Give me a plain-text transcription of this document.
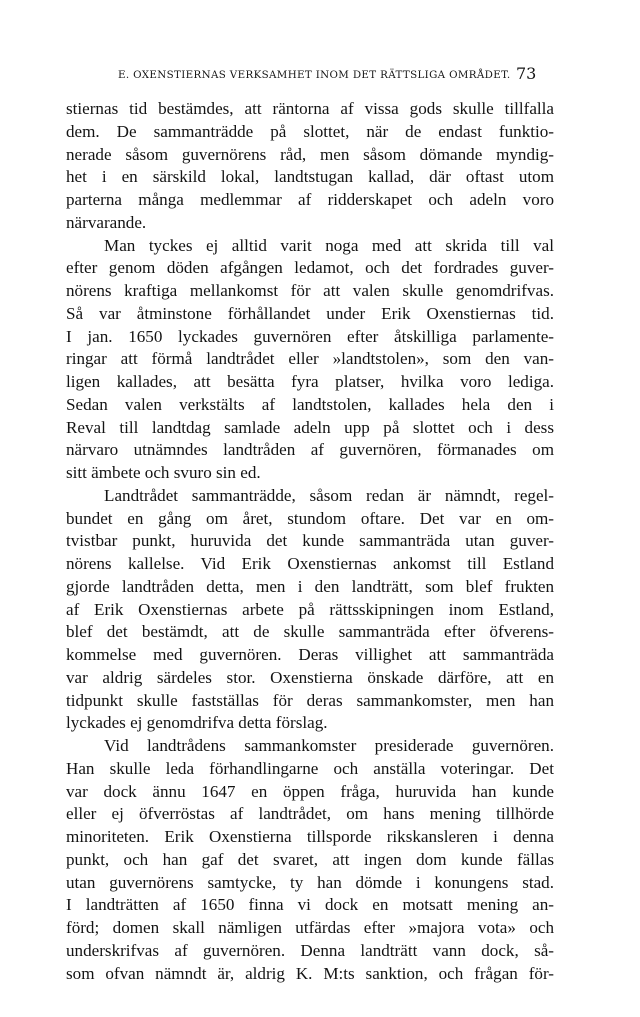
E. OXENSTIERNAS VERKSAMHET INOM DET RÄTTSLIGA OMRÅDET. 73
stiernas tid bestämdes, att räntorna af vissa gods skulle tillfalla
dem. De sammanträdde på slottet, när de endast funktio-
nerade såsom guvernörens råd, men såsom dömande myndig-
het i en särskild lokal, landtstugan kallad, där oftast utom
parterna många medlemmar af ridderskapet och adeln voro
närvarande.
Man tyckes ej alltid varit noga med att skrida till val
efter genom döden afgången ledamot, och det fordrades guver-
nörens kraftiga mellankomst för att valen skulle genomdrifvas.
Så var åtminstone förhållandet under Erik Oxenstiernas tid.
I jan. 1650 lyckades guvernören efter åtskilliga parlamente-
ringar att förmå landtrådet eller »landtstolen», som den van-
ligen kallades, att besätta fyra platser, hvilka voro lediga.
Sedan valen verkstälts af landtstolen, kallades hela den i
Reval till landtdag samlade adeln upp på slottet och i dess
närvaro utnämndes landtråden af guvernören, förmanades om
sitt ämbete och svuro sin ed.
Landtrådet sammanträdde, såsom redan är nämndt, regel-
bundet en gång om året, stundom oftare. Det var en om-
tvistbar punkt, huruvida det kunde sammanträda utan guver-
nörens kallelse. Vid Erik Oxenstiernas ankomst till Estland
gjorde landtråden detta, men i den landträtt, som blef frukten
af Erik Oxenstiernas arbete på rättsskipningen inom Estland,
blef det bestämdt, att de skulle sammanträda efter öfverens-
kommelse med guvernören. Deras villighet att sammanträda
var aldrig särdeles stor. Oxenstierna önskade därföre, att en
tidpunkt skulle fastställas för deras sammankomster, men han
lyckades ej genomdrifva detta förslag.
Vid landtrådens sammankomster presiderade guvernören.
Han skulle leda förhandlingarne och anställa voteringar. Det
var dock ännu 1647 en öppen fråga, huruvida han kunde
eller ej öfverröstas af landtrådet, om hans mening tillhörde
minoriteten. Erik Oxenstierna tillsporde rikskansleren i denna
punkt, och han gaf det svaret, att ingen dom kunde fällas
utan guvernörens samtycke, ty han dömde i konungens stad.
I landträtten af 1650 finna vi dock en motsatt mening an-
förd; domen skall nämligen utfärdas efter »majora vota» och
underskrifvas af guvernören. Denna landträtt vann dock, så-
som ofvan nämndt är, aldrig K. M:ts sanktion, och frågan för-
